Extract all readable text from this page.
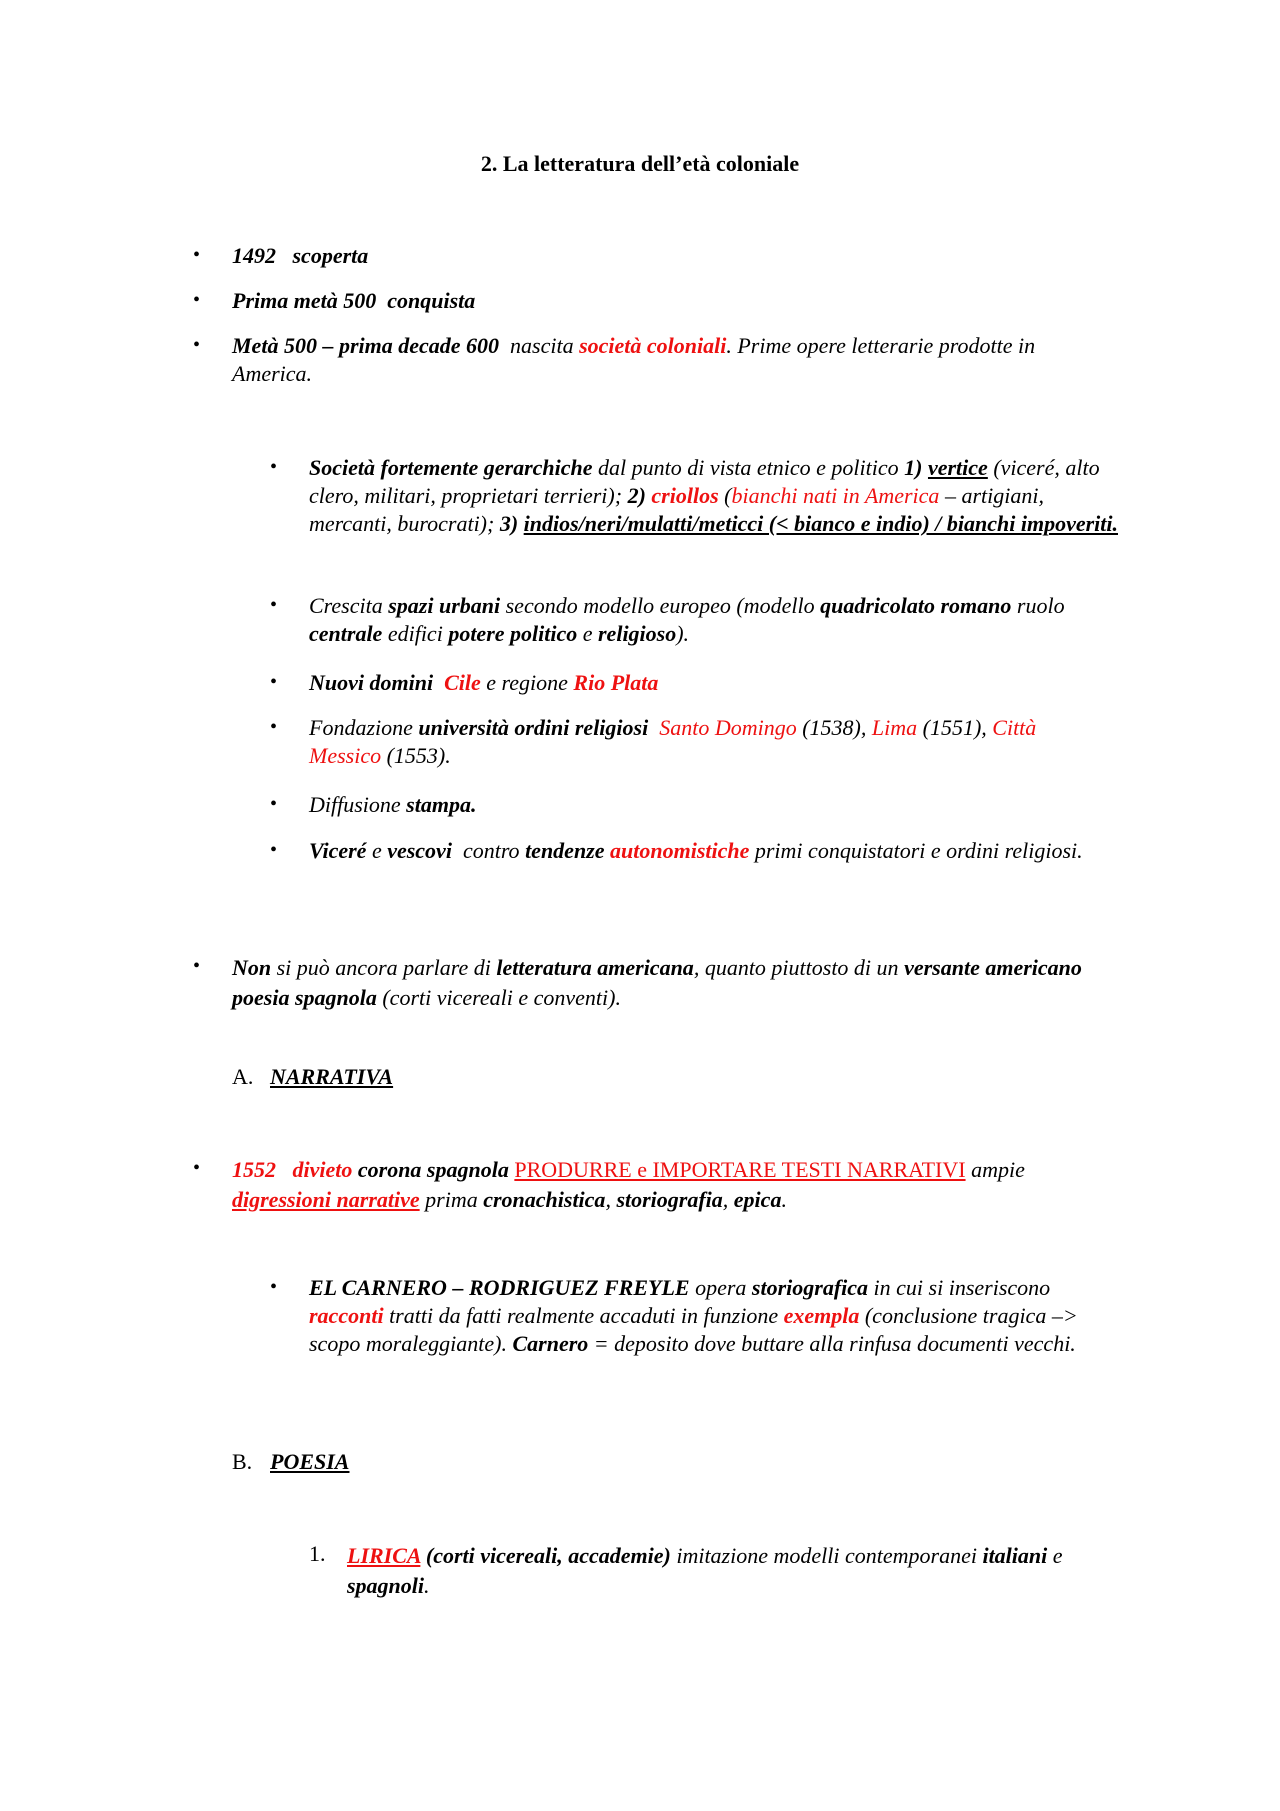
2. La letteratura dell’età coloniale
• 1492 scoperta
• Prima metà 500 conquista
• Metà 500 – prima decade 600 nascita società coloniali. Prime opere letterarie prodotte in America.
• Società fortemente gerarchiche dal punto di vista etnico e politico 1) vertice (viceré, alto clero, militari, proprietari terrieri); 2) criollos (bianchi nati in America – artigiani, mercanti, burocrati); 3) indios/neri/mulatti/meticci (< bianco e indio) / bianchi impoveriti.
• Crescita spazi urbani secondo modello europeo (modello quadricolato romano ruolo centrale edifici potere politico e religioso).
• Nuovi domini Cile e regione Rio Plata
• Fondazione università ordini religiosi Santo Domingo (1538), Lima (1551), Città Messico (1553).
• Diffusione stampa.
• Viceré e vescovi  contro tendenze autonomistiche primi conquistatori e ordini religiosi.
• Non si può ancora parlare di letteratura americana, quanto piuttosto di un versante americano poesia spagnola (corti vicereali e conventi).
A. NARRATIVA
• 1552 divieto corona spagnola PRODURRE e IMPORTARE TESTI NARRATIVI ampie digressioni narrative prima cronachistica, storiografia, epica.
• EL CARNERO – RODRIGUEZ FREYLE opera storiografica in cui si inseriscono racconti tratti da fatti realmente accaduti in funzione exempla (conclusione tragica –> scopo moraleggiante). Carnero = deposito dove buttare alla rinfusa documenti vecchi.
B. POESIA
1. LIRICA (corti vicereali, accademie) imitazione modelli contemporanei italiani e spagnoli.
